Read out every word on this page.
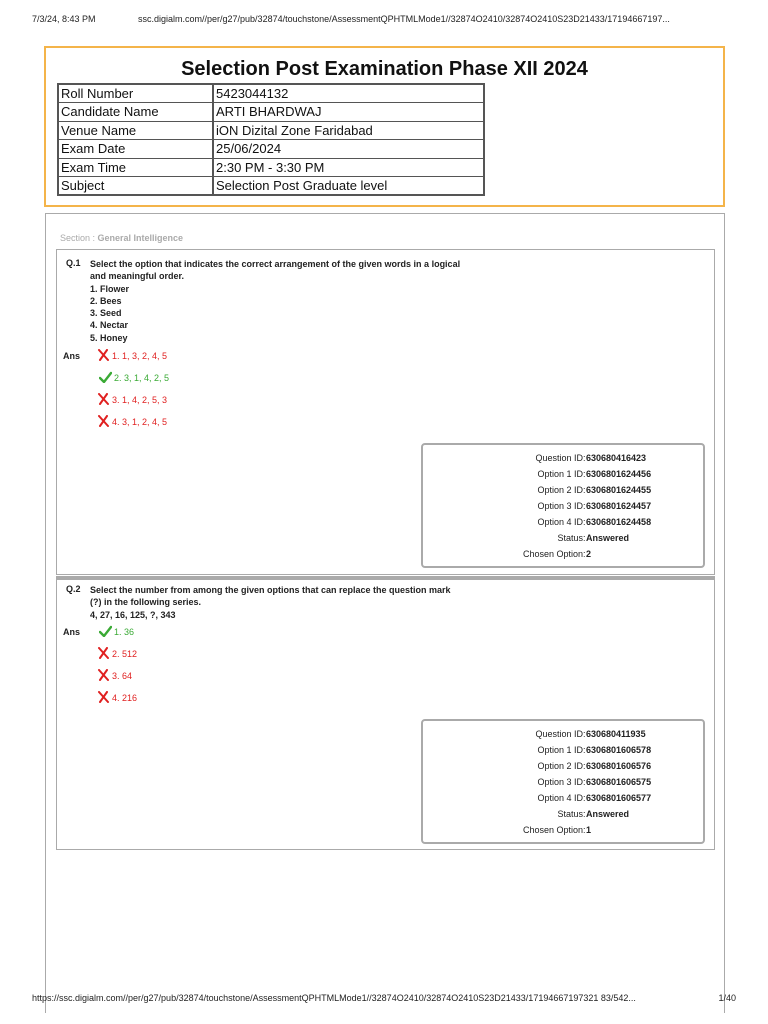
7/3/24, 8:43 PM	ssc.digialm.com//per/g27/pub/32874/touchstone/AssessmentQPHTMLMode1//32874O2410/32874O2410S23D21433/17194667197...
Selection Post Examination Phase XII 2024
Roll Number	5423044132
Candidate Name	ARTI BHARDWAJ
Venue Name	iON Dizital Zone Faridabad
Exam Date	25/06/2024
Exam Time	2:30 PM - 3:30 PM
Subject	Selection Post Graduate level
Section : General Intelligence
Q.1 Select the option that indicates the correct arrangement of the given words in a logical
and meaningful order.
1. Flower
2. Bees
3. Seed
4. Nectar
5. Honey
Ans	1. 1, 3, 2, 4, 5
2. 3, 1, 4, 2, 5
3. 1, 4, 2, 5, 3
4. 3, 1, 2, 4, 5
Question ID : 630680416423
Option 1 ID : 6306801624456
Option 2 ID : 6306801624455
Option 3 ID : 6306801624457
Option 4 ID : 6306801624458
Status : Answered
Chosen Option : 2
Q.2 Select the number from among the given options that can replace the question mark
(?) in the following series.
4, 27, 16, 125, ?, 343
Ans	1. 36
2. 512
3. 64
4. 216
Question ID : 630680411935
Option 1 ID : 6306801606578
Option 2 ID : 6306801606576
Option 3 ID : 6306801606575
Option 4 ID : 6306801606577
Status : Answered
Chosen Option : 1
https://ssc.digialm.com//per/g27/pub/32874/touchstone/AssessmentQPHTMLMode1//32874O2410/32874O2410S23D21433/17194667197321 83/542...	1/40
